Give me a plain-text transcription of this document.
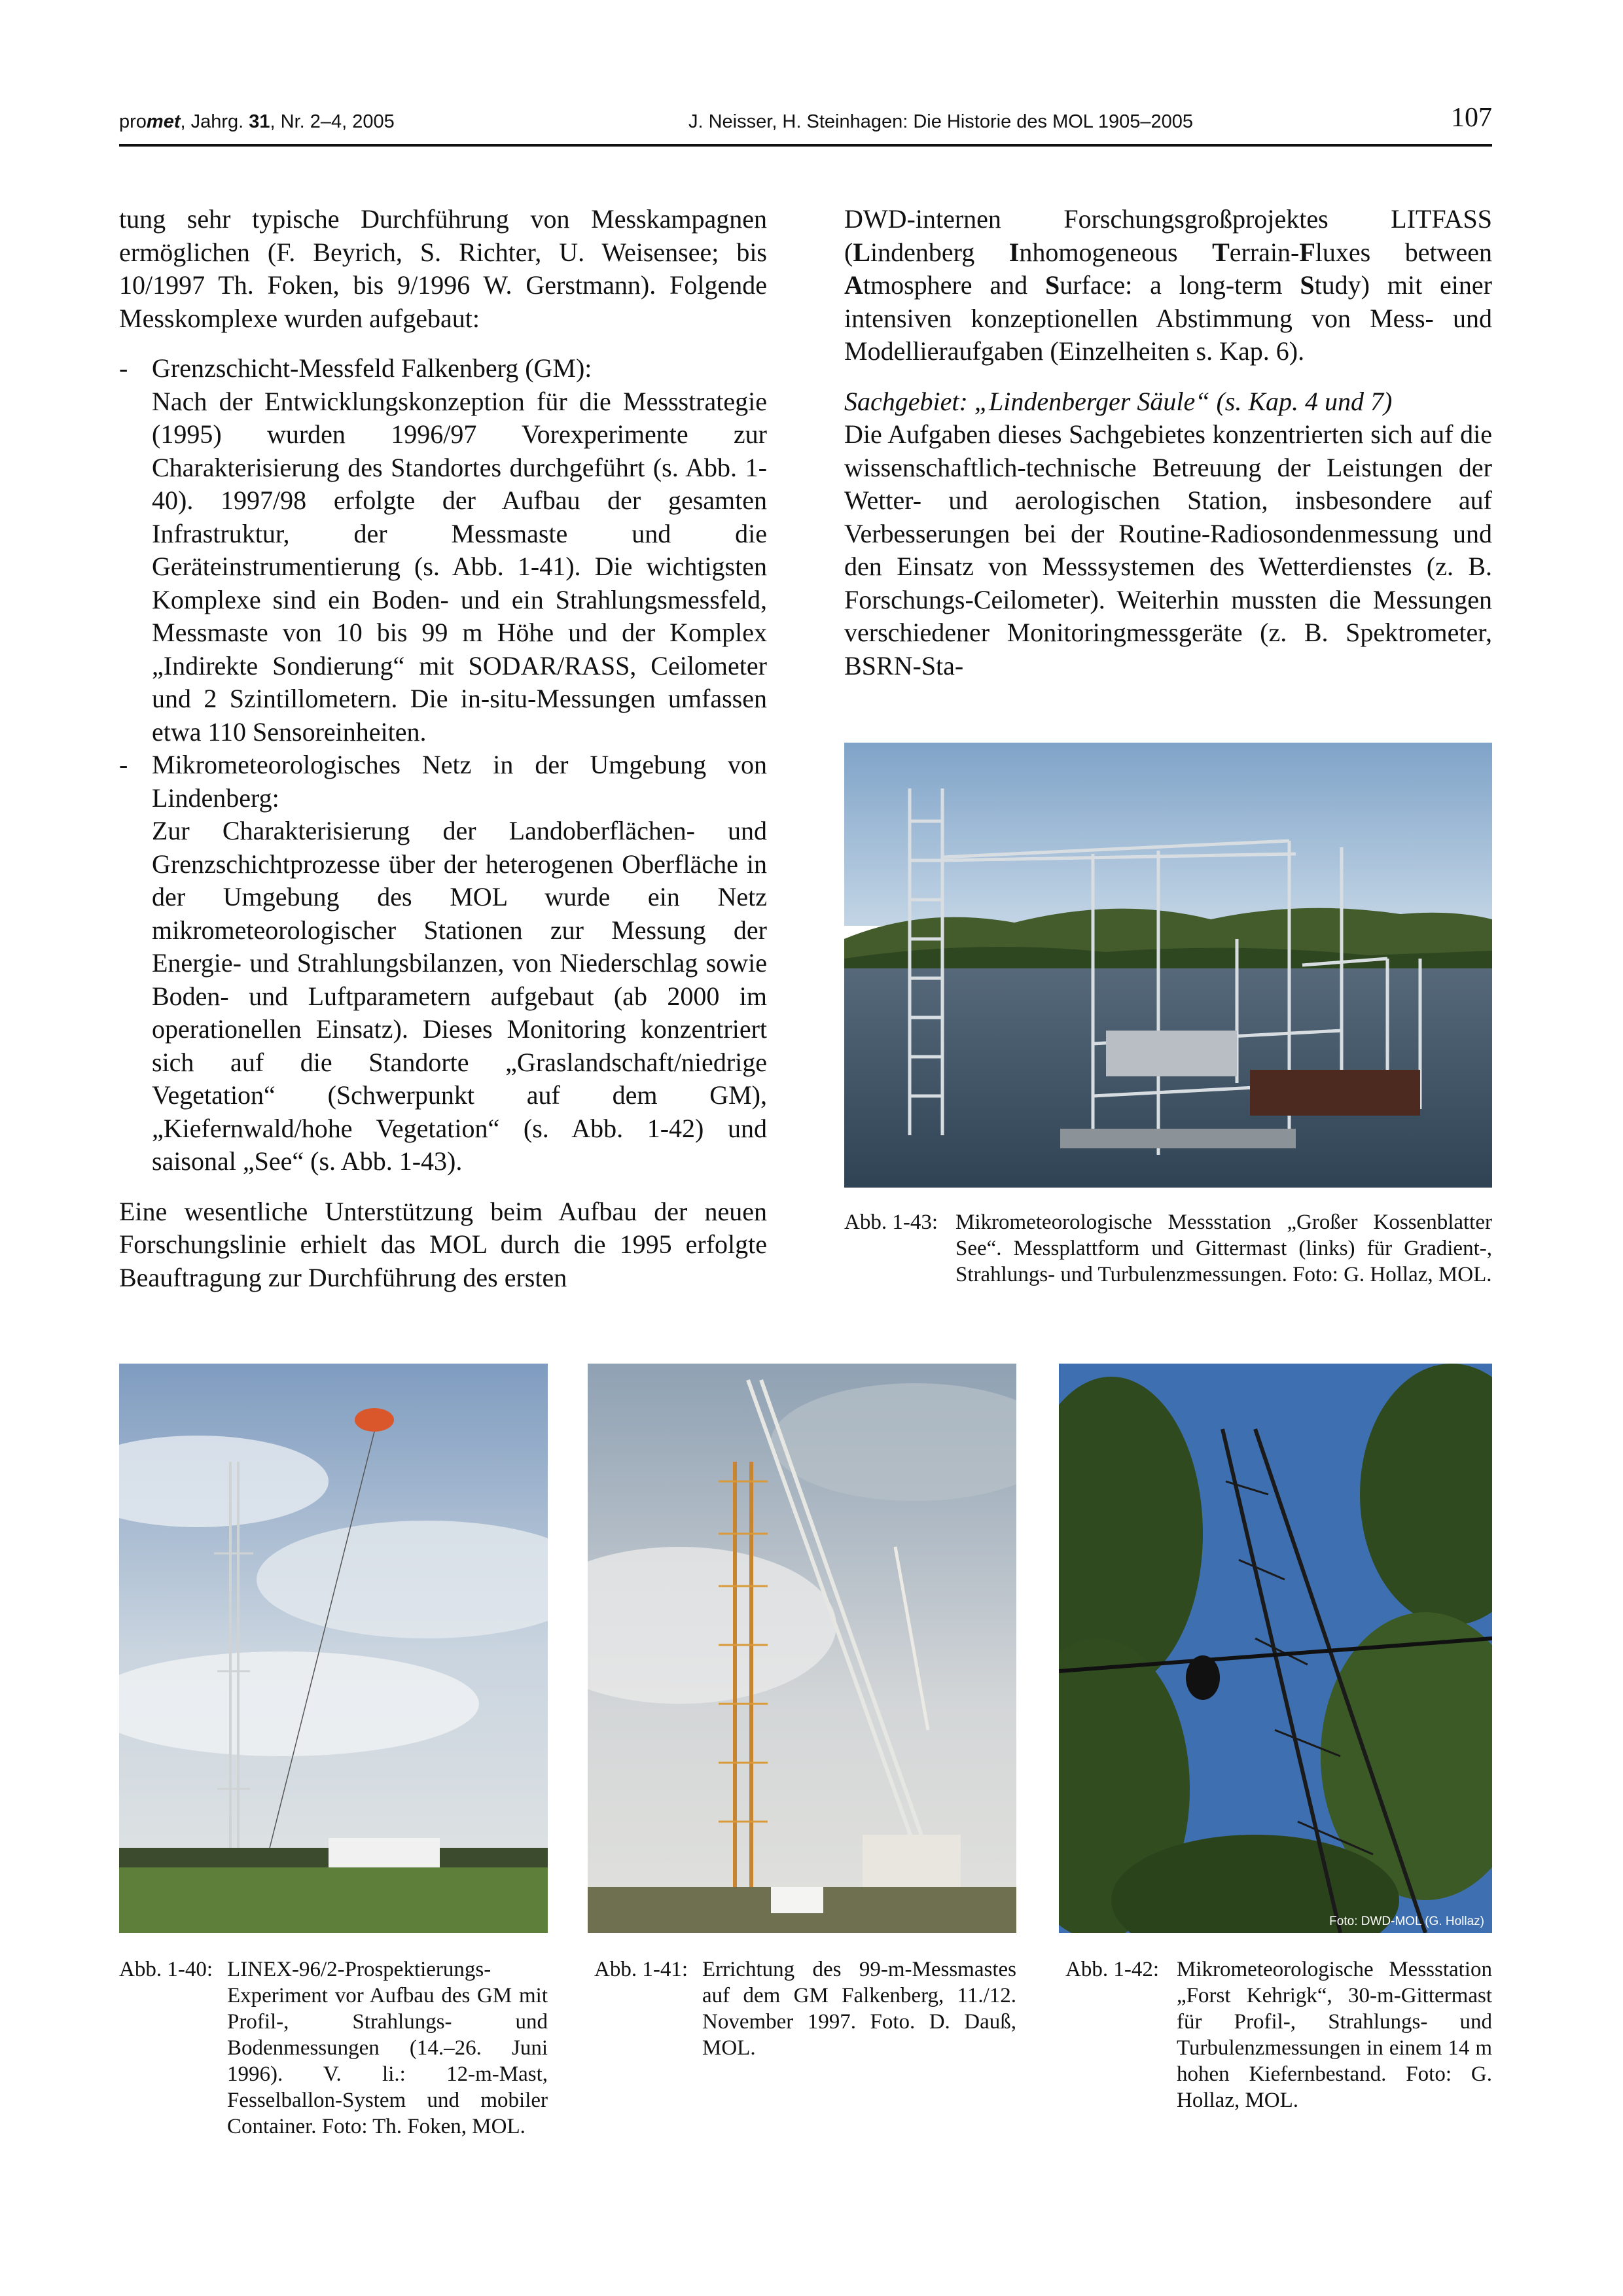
promet, Jahrg. 31, Nr. 2–4, 2005	J. Neisser, H. Steinhagen: Die Historie des MOL 1905–2005	107

tung sehr typische Durchführung von Messkampagnen ermöglichen (F. Beyrich, S. Richter, U. Weisensee; bis 10/1997 Th. Foken, bis 9/1996 W. Gerstmann). Folgende Messkomplexe wurden aufgebaut:

- Grenzschicht-Messfeld Falkenberg (GM):

Nach der Entwicklungskonzeption für die Messstrategie (1995) wurden 1996/97 Vorexperimente zur Charakterisierung des Standortes durchgeführt (s. Abb. 1-40). 1997/98 erfolgte der Aufbau der gesamten Infrastruktur, der Messmaste und die Geräteinstrumentierung (s. Abb. 1-41). Die wichtigsten Komplexe sind ein Boden- und ein Strahlungsmessfeld, Messmaste von 10 bis 99 m Höhe und der Komplex „Indirekte Sondierung“ mit SODAR/RASS, Ceilometer und 2 Szintillometern. Die in-situ-Messungen umfassen etwa 110 Sensoreinheiten.

- Mikrometeorologisches Netz in der Umgebung von Lindenberg:

Zur Charakterisierung der Landoberflächen- und Grenzschichtprozesse über der heterogenen Oberfläche in der Umgebung des MOL wurde ein Netz mikrometeorologischer Stationen zur Messung der Energie- und Strahlungsbilanzen, von Niederschlag sowie Boden- und Luftparametern aufgebaut (ab 2000 im operationellen Einsatz). Dieses Monitoring konzentriert sich auf die Standorte „Graslandschaft/niedrige Vegetation“ (Schwerpunkt auf dem GM), „Kiefernwald/hohe Vegetation“ (s. Abb. 1-42) und saisonal „See“ (s. Abb. 1-43).

Eine wesentliche Unterstützung beim Aufbau der neuen Forschungslinie erhielt das MOL durch die 1995 erfolgte Beauftragung zur Durchführung des ersten

DWD-internen Forschungsgroßprojektes LITFASS (Lindenberg Inhomogeneous Terrain-Fluxes between Atmosphere and Surface: a long-term Study) mit einer intensiven konzeptionellen Abstimmung von Mess- und Modellieraufgaben (Einzelheiten s. Kap. 6).

Sachgebiet: „Lindenberger Säule“ (s. Kap. 4 und 7)

Die Aufgaben dieses Sachgebietes konzentrierten sich auf die wissenschaftlich-technische Betreuung der Leistungen der Wetter- und aerologischen Station, insbesondere auf Verbesserungen bei der Routine-Radiosondenmessung und den Einsatz von Messsystemen des Wetterdienstes (z. B. Forschungs-Ceilometer). Weiterhin mussten die Messungen verschiedener Monitoringmessgeräte (z. B. Spektrometer, BSRN-Sta-

Abb. 1-43: Mikrometeorologische Messstation „Großer Kossenblatter See“. Messplattform und Gittermast (links) für Gradient-, Strahlungs- und Turbulenzmessungen. Foto: G. Hollaz, MOL.
Foto: DWD-MOL (G. Hollaz)
Abb. 1-40: LINEX-96/2-Prospektierungs-Experiment vor Aufbau des GM mit Profil-, Strahlungs- und Bodenmessungen (14.–26. Juni 1996). V. li.: 12-m-Mast, Fesselballon-System und mobiler Container. Foto: Th. Foken, MOL.
Abb. 1-41: Errichtung des 99-m-Messmastes auf dem GM Falkenberg, 11./12. November 1997. Foto. D. Dauß, MOL.
Abb. 1-42: Mikrometeorologische Messstation „Forst Kehrigk“, 30-m-Gittermast für Profil-, Strahlungs- und Turbulenzmessungen in einem 14 m hohen Kiefernbestand. Foto: G. Hollaz, MOL.
